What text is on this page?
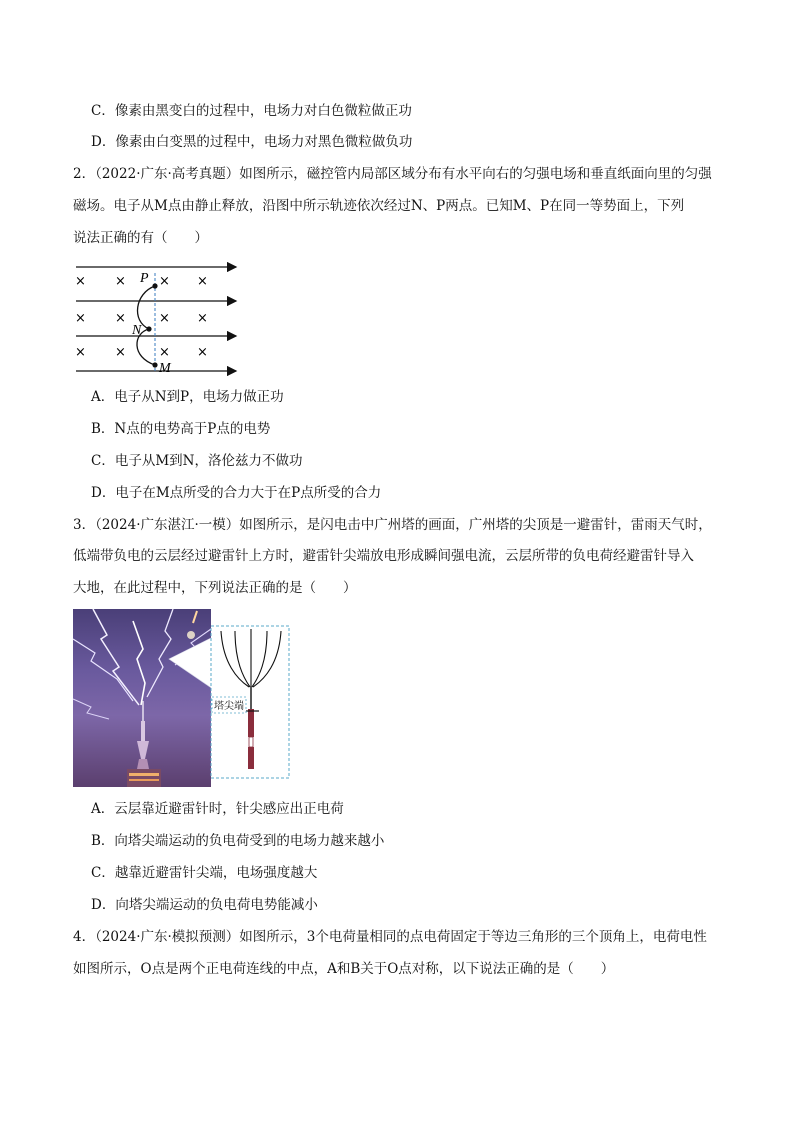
C．像素由黑变白的过程中，电场力对白色微粒做正功
D．像素由白变黑的过程中，电场力对黑色微粒做负功
2．（2022·广东·高考真题）如图所示，磁控管内局部区域分布有水平向右的匀强电场和垂直纸面向里的匀强
磁场。电子从M点由静止释放，沿图中所示轨迹依次经过N、P两点。已知M、P在同一等势面上，下列
说法正确的有（　　）
P
N
M
× ×	× ×
× ×	× ×
× ×	× ×
A．电子从N到P，电场力做正功
B．N点的电势高于P点的电势
C．电子从M到N，洛伦兹力不做功
D．电子在M点所受的合力大于在P点所受的合力
3．（2024·广东湛江·一模）如图所示，是闪电击中广州塔的画面，广州塔的尖顶是一避雷针，雷雨天气时，
低端带负电的云层经过避雷针上方时，避雷针尖端放电形成瞬间强电流，云层所带的负电荷经避雷针导入
大地，在此过程中，下列说法正确的是（　　）
塔尖端
A．云层靠近避雷针时，针尖感应出正电荷
B．向塔尖端运动的负电荷受到的电场力越来越小
C．越靠近避雷针尖端，电场强度越大
D．向塔尖端运动的负电荷电势能减小
4．（2024·广东·模拟预测）如图所示，3个电荷量相同的点电荷固定于等边三角形的三个顶角上，电荷电性
如图所示，O点是两个正电荷连线的中点，A和B关于O点对称，以下说法正确的是（　　）
